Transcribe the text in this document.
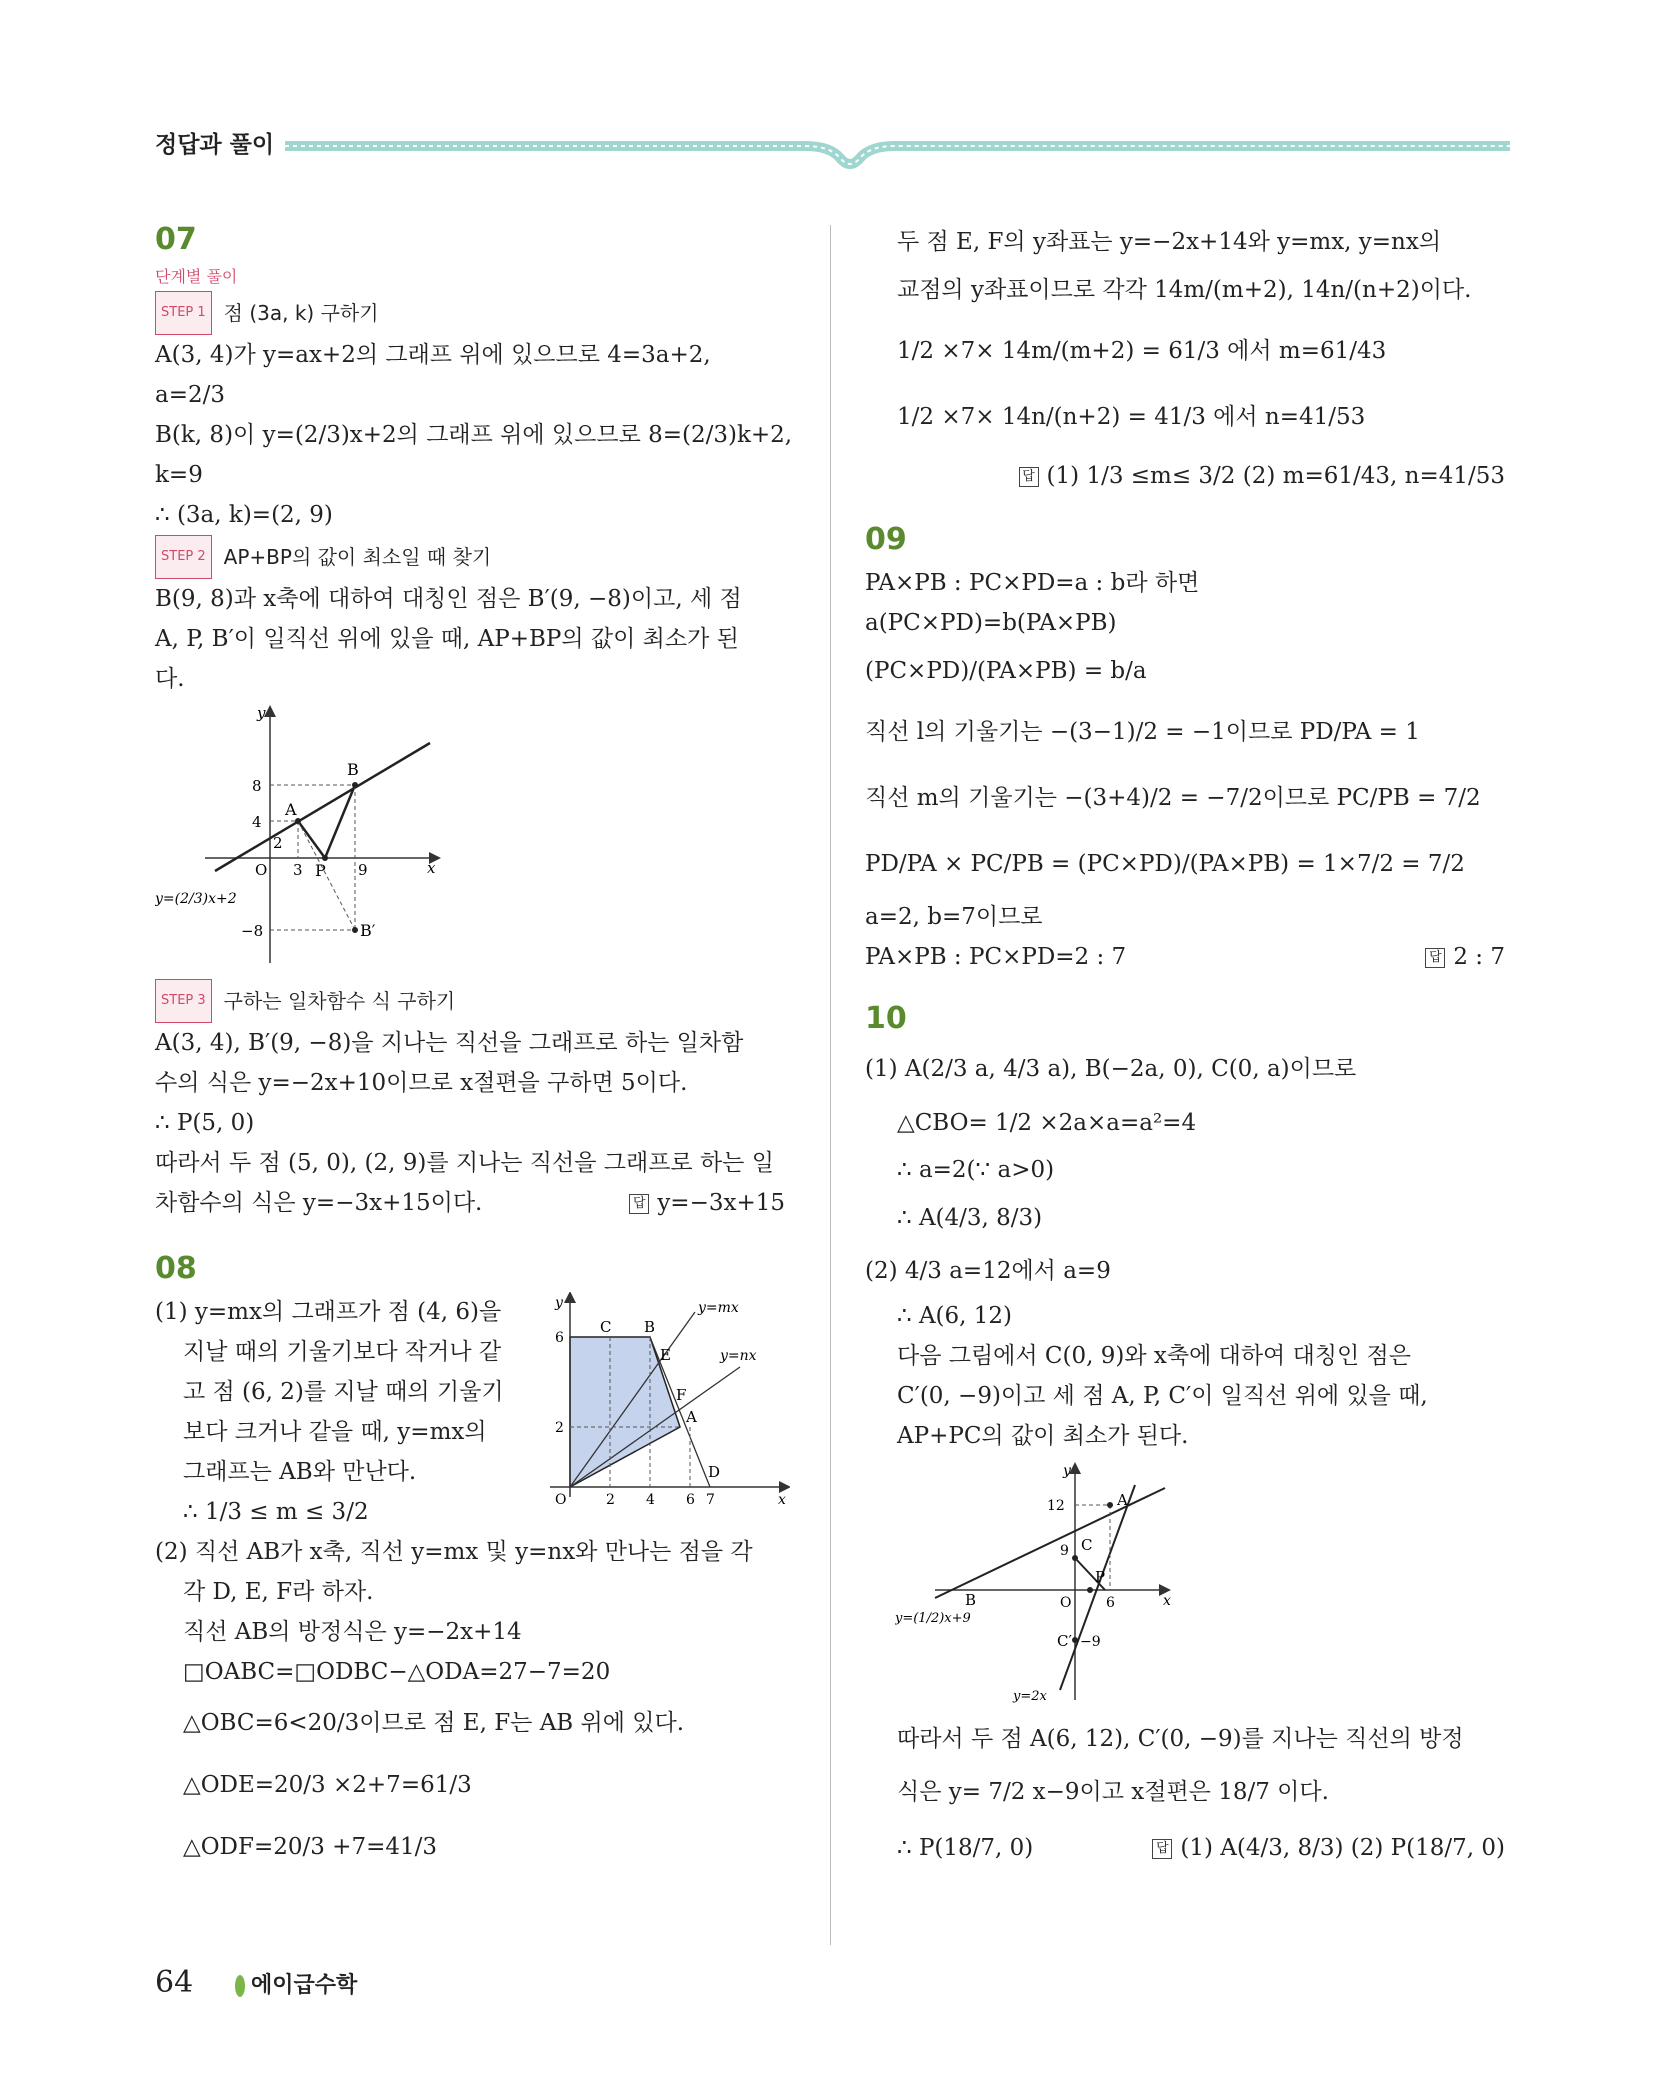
정답과 풀이
07
단계별 풀이
STEP 1 점 (3a, k) 구하기
A(3, 4)가 y=ax+2의 그래프 위에 있으므로 4=3a+2,
a=2/3
B(k, 8)이 y=(2/3)x+2의 그래프 위에 있으므로 8=(2/3)k+2,
k=9
∴ (3a, k)=(2, 9)
STEP 2 AP+BP의 값이 최소일 때 찾기
B(9, 8)과 x축에 대하여 대칭인 점은 B′(9, −8)이고, 세 점
A, P, B′이 일직선 위에 있을 때, AP+BP의 값이 최소가 된
다.
y
x
O
8
4
2
3	9
−8
A
B
P
B′
y=(2/3)x+2
STEP 3 구하는 일차함수 식 구하기
A(3, 4), B′(9, −8)을 지나는 직선을 그래프로 하는 일차함
수의 식은 y=−2x+10이므로 x절편을 구하면 5이다.
∴ P(5, 0)
따라서 두 점 (5, 0), (2, 9)를 지나는 직선을 그래프로 하는 일
차함수의 식은 y=−3x+15이다.	답 y=−3x+15
08
(1) y=mx의 그래프가 점 (4, 6)을
지날 때의 기울기보다 작거나 같
고 점 (6, 2)를 지날 때의 기울기
보다 크거나 같을 때, y=mx의
그래프는 AB와 만난다.
∴ 1/3 ≤ m ≤ 3/2
y
x
O
6
2
2 4 6 7
A
B
C
D
E
F
y=mx
y=nx
(2) 직선 AB가 x축, 직선 y=mx 및 y=nx와 만나는 점을 각
각 D, E, F라 하자.
직선 AB의 방정식은 y=−2x+14
□OABC=□ODBC−△ODA=27−7=20
△OBC=6<20/3이므로 점 E, F는 AB 위에 있다.
△ODE=20/3 ×2+7=61/3
△ODF=20/3 +7=41/3
두 점 E, F의 y좌표는 y=−2x+14와 y=mx, y=nx의
교점의 y좌표이므로 각각 14m/(m+2), 14n/(n+2)이다.
1/2 ×7× 14m/(m+2) = 61/3 에서 m=61/43
1/2 ×7× 14n/(n+2) = 41/3 에서 n=41/53
답 (1) 1/3 ≤m≤ 3/2 (2) m=61/43, n=41/53
09
PA×PB : PC×PD=a : b라 하면
a(PC×PD)=b(PA×PB)
(PC×PD)/(PA×PB) = b/a
직선 l의 기울기는 −(3−1)/2 = −1이므로 PD/PA = 1
직선 m의 기울기는 −(3+4)/2 = −7/2이므로 PC/PB = 7/2
PD/PA × PC/PB = (PC×PD)/(PA×PB) = 1×7/2 = 7/2
a=2, b=7이므로
PA×PB : PC×PD=2 : 7	답 2 : 7
10
(1) A(2/3 a, 4/3 a), B(−2a, 0), C(0, a)이므로
△CBO= 1/2 ×2a×a=a²=4
∴ a=2(∵ a>0)
∴ A(4/3, 8/3)
(2) 4/3 a=12에서 a=9
∴ A(6, 12)
다음 그림에서 C(0, 9)와 x축에 대하여 대칭인 점은
C′(0, −9)이고 세 점 A, P, C′이 일직선 위에 있을 때,
AP+PC의 값이 최소가 된다.
y
x
O
12
9
−9
6
A
B
C
C′
P
y=(1/2)x+9
y=2x
따라서 두 점 A(6, 12), C′(0, −9)를 지나는 직선의 방정
식은 y= 7/2 x−9이고 x절편은 18/7 이다.
∴ P(18/7, 0)	답 (1) A(4/3, 8/3) (2) P(18/7, 0)
64	에이급수학
